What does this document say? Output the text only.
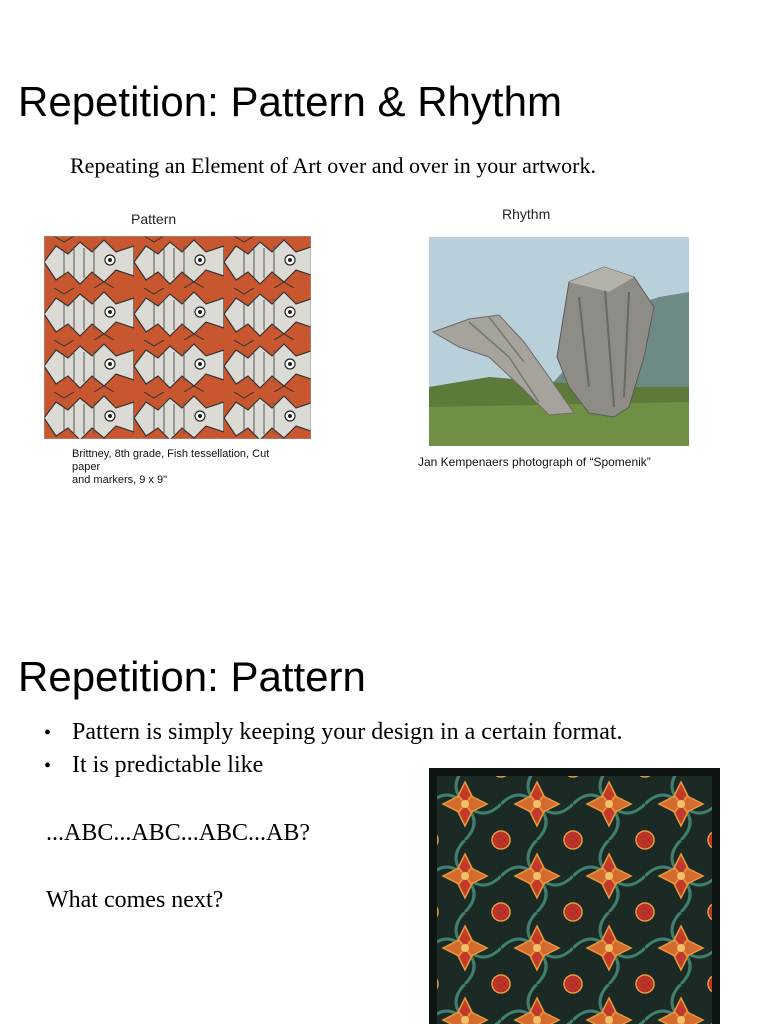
Repetition: Pattern & Rhythm
Repeating an Element of Art over and over in your artwork.
Pattern	Rhythm
Brittney, 8th grade, Fish tessellation, Cut paper
and markers, 9 x 9"
Jan Kempenaers photograph of “Spomenik”
Repetition: Pattern
• Pattern is simply keeping your design in a certain format.
• It is predictable like
...ABC...ABC...ABC...AB?
What comes next?
